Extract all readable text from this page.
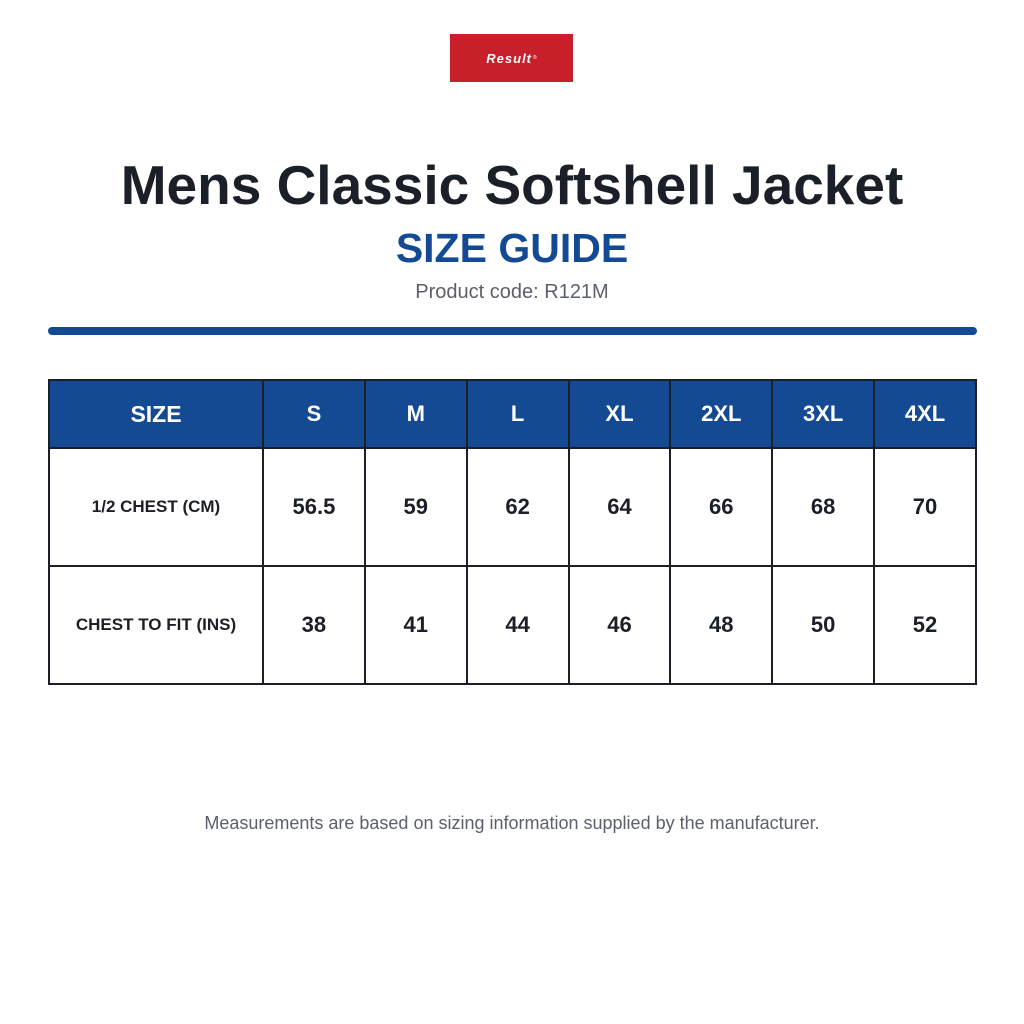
Result ®
Mens Classic Softshell Jacket
SIZE GUIDE
Product code: R121M
SIZE	S	M	L	XL	2XL	3XL	4XL
1/2 CHEST (CM)	56.5	59	62	64	66	68	70
CHEST TO FIT (INS)	38	41	44	46	48	50	52
Measurements are based on sizing information supplied by the manufacturer.
